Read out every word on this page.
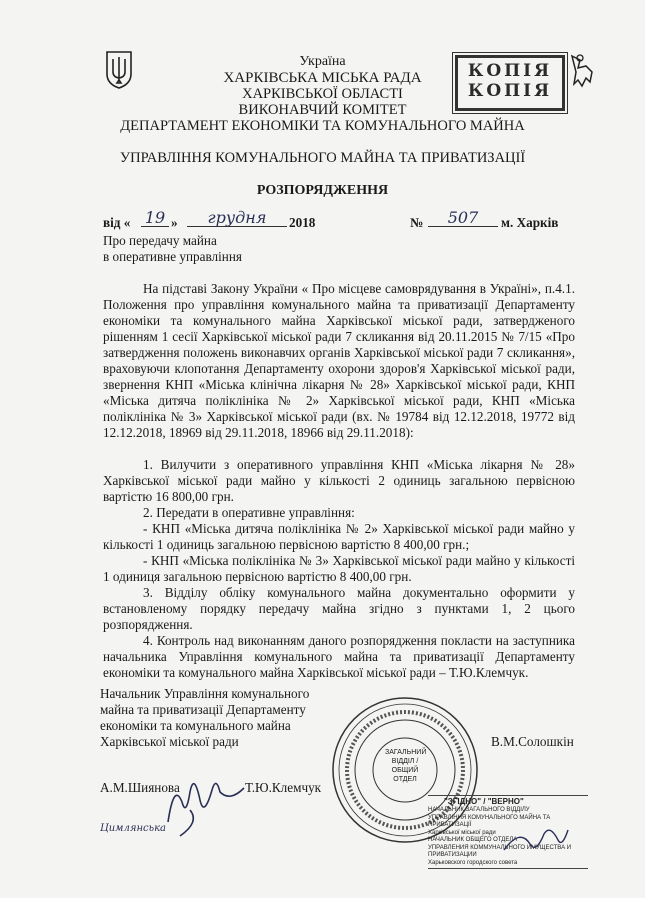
Україна
ХАРКІВСЬКА МІСЬКА РАДА
ХАРКІВСЬКОЇ ОБЛАСТІ
ВИКОНАВЧИЙ КОМІТЕТ
ДЕПАРТАМЕНТ ЕКОНОМІКИ ТА КОМУНАЛЬНОГО МАЙНА
УПРАВЛІННЯ КОМУНАЛЬНОГО МАЙНА ТА ПРИВАТИЗАЦІЇ
РОЗПОРЯДЖЕННЯ
КОПІЯ
КОПІЯ
від « 19 »	грудня	2018	№	507	м. Харків
Про передачу майна
в оперативне управління
На підставі Закону України « Про місцеве самоврядування в Україні», п.4.1. Положення про управління комунального майна та приватизації Департаменту економіки та комунального майна Харківської міської ради, затвердженого рішенням 1 сесії Харківської міської ради 7 скликання від 20.11.2015 № 7/15 «Про затвердження положень виконавчих органів Харківської міської ради 7 скликання», враховуючи клопотання Департаменту охорони здоров'я Харківської міської ради, звернення КНП «Міська клінічна лікарня № 28» Харківської міської ради, КНП «Міська дитяча поліклініка № 2» Харківської міської ради, КНП «Міська поліклініка № 3» Харківської міської ради (вх. № 19784 від 12.12.2018, 19772 від 12.12.2018, 18969 від 29.11.2018, 18966 від 29.11.2018):
1. Вилучити з оперативного управління КНП «Міська лікарня № 28» Харківської міської ради майно у кількості 2 одиниць загальною первісною вартістю 16 800,00 грн.
2. Передати в оперативне управління:
- КНП «Міська дитяча поліклініка № 2» Харківської міської ради майно у кількості 1 одиниць загальною первісною вартістю 8 400,00 грн.;
- КНП «Міська поліклініка № 3» Харківської міської ради майно у кількості 1 одиниця загальною первісною вартістю 8 400,00 грн.
3. Відділу обліку комунального майна документально оформити у встановленому порядку передачу майна згідно з пунктами 1, 2 цього розпорядження.
4. Контроль над виконанням даного розпорядження покласти на заступника начальника Управління комунального майна та приватизації Департаменту економіки та комунального майна Харківської міської ради – Т.Ю.Клемчук.
Начальник Управління комунального
майна та приватизації Департаменту
економіки та комунального майна
Харківської міської ради	В.М.Солошкін
А.М.Шиянова	Т.Ю.Клемчук
Цимлянська
ЗАГАЛЬНИЙ
ВІДДІЛ /
ОБЩИЙ ОТДЕЛ
"ЗГІДНО" / "ВЕРНО"
НАЧАЛЬНИК ЗАГАЛЬНОГО ВІДДІЛУ
УПРАВЛІННЯ КОМУНАЛЬНОГО МАЙНА ТА ПРИВАТИЗАЦІЇ
Харківської міської ради
НАЧАЛЬНИК ОБЩЕГО ОТДЕЛА
УПРАВЛЕНИЯ КОММУНАЛЬНОГО ИМУЩЕСТВА И ПРИВАТИЗАЦИИ
Харьковского городского совета
